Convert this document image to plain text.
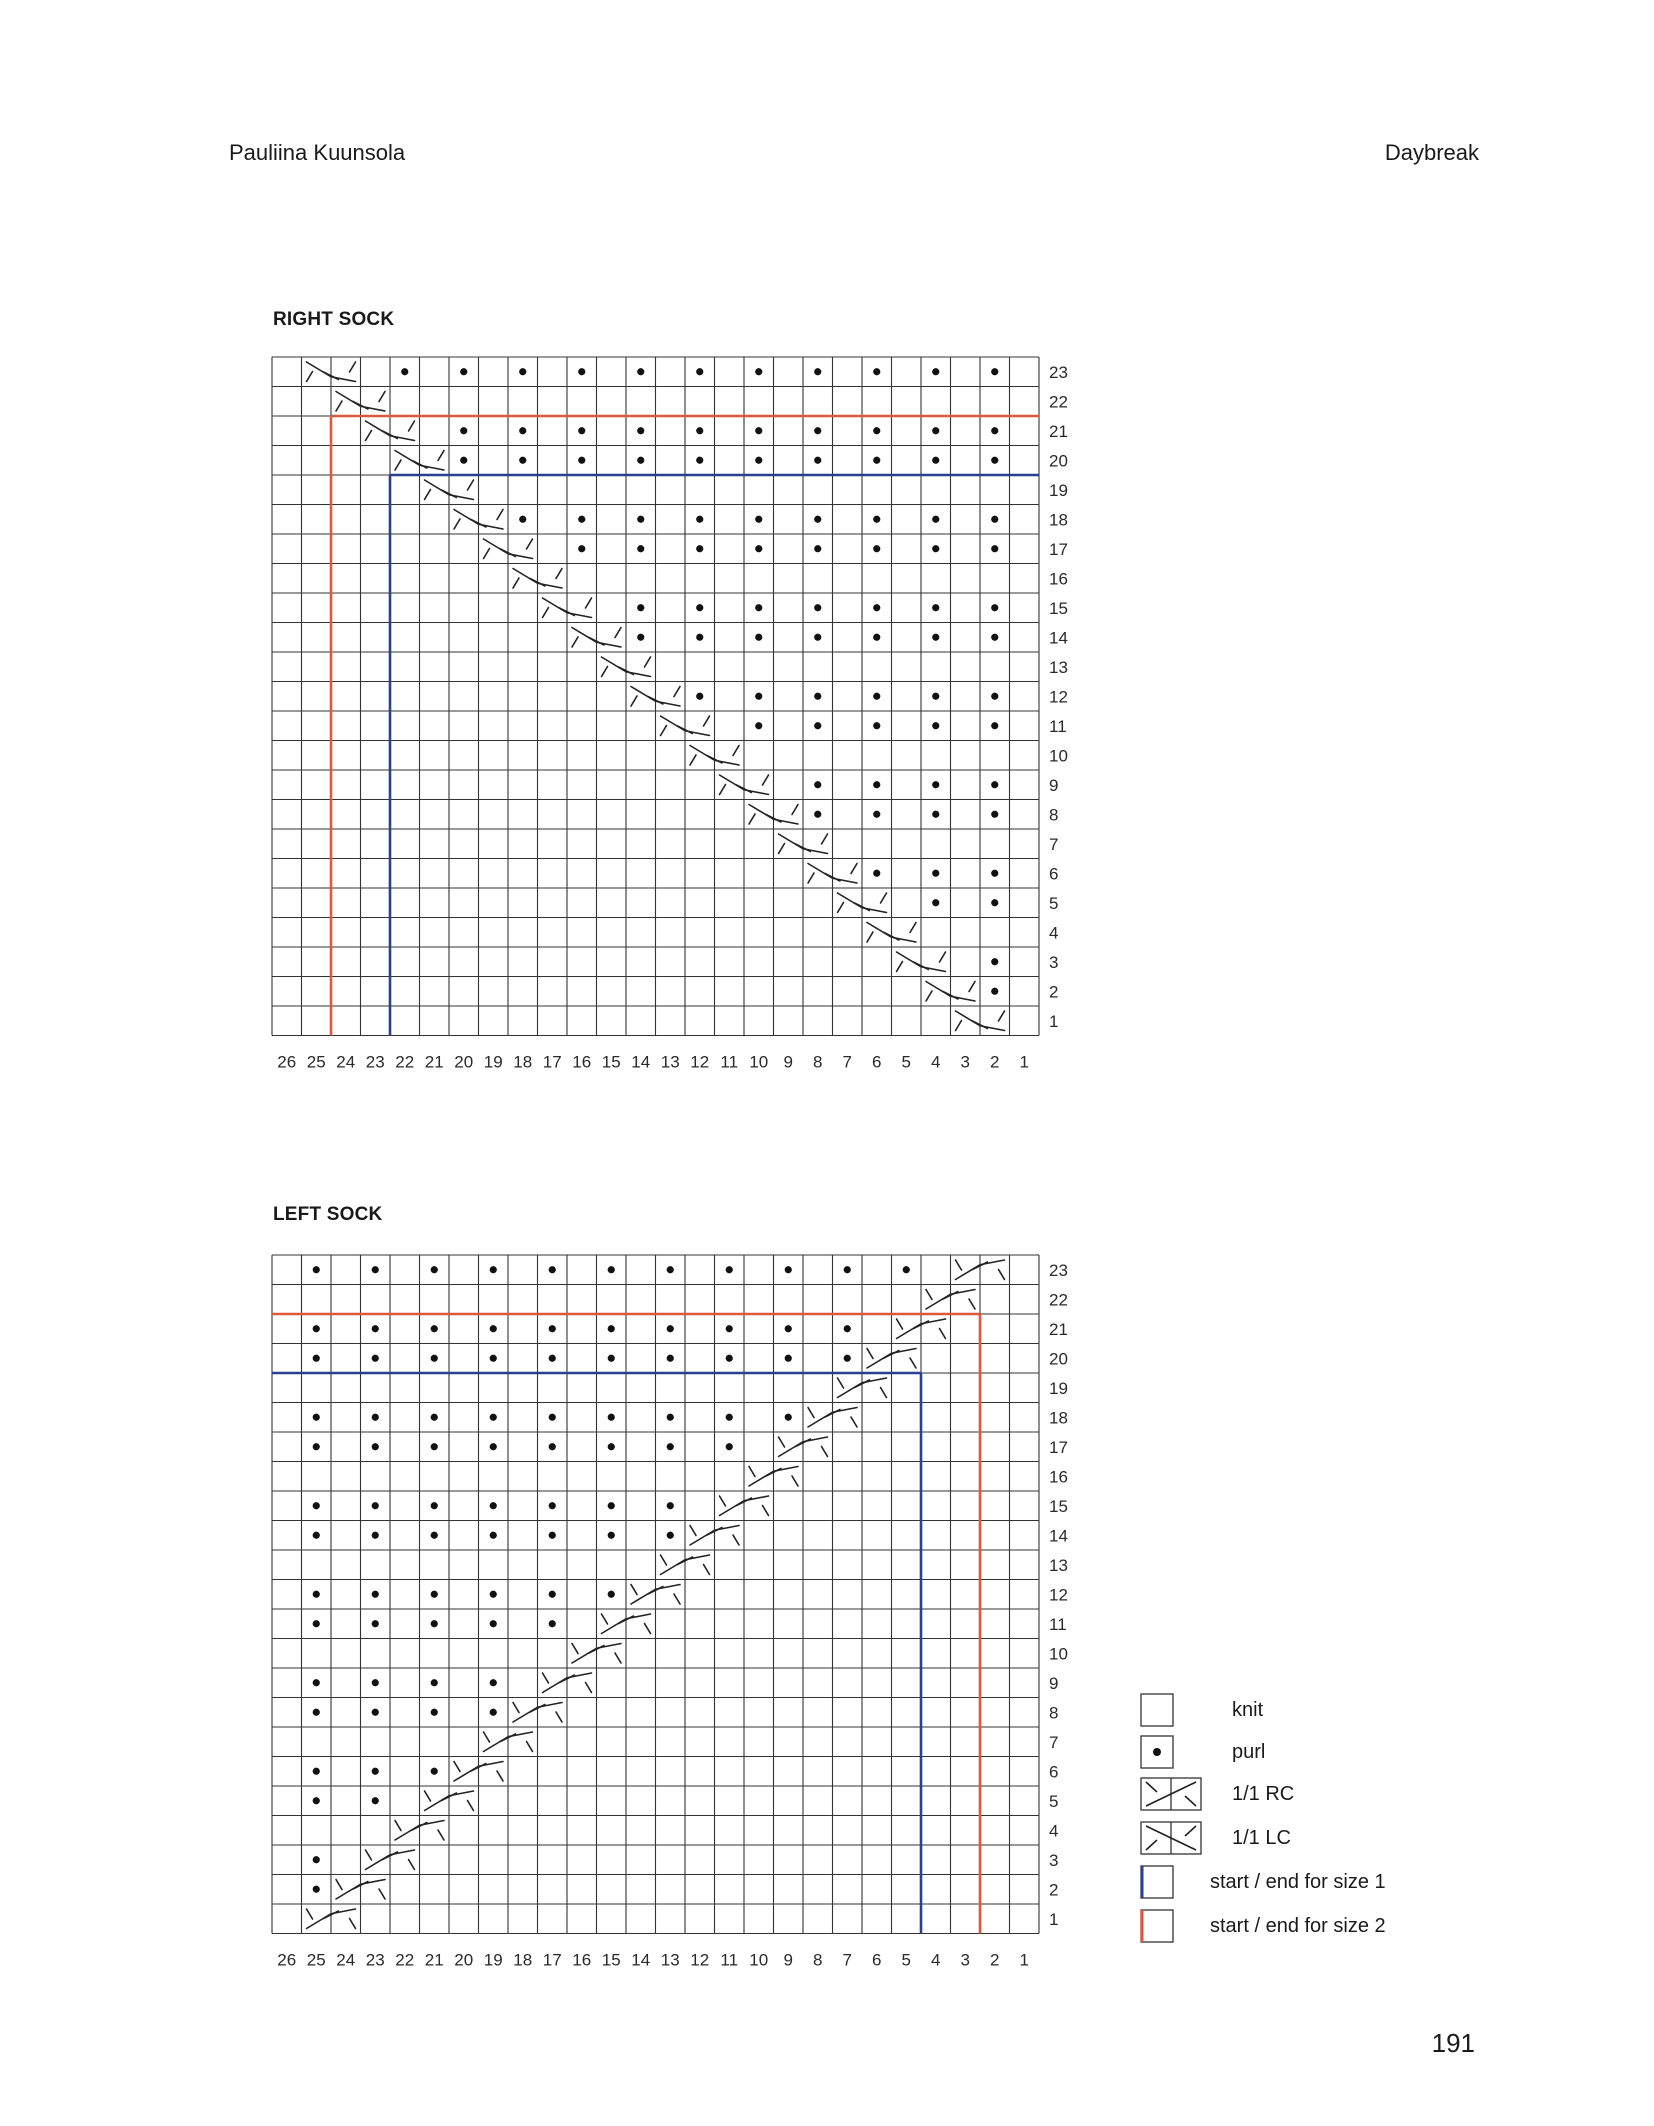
Pauliina Kuunsola	Daybreak
RIGHT SOCK
23
22
21
20
19
18
17
16
15
14
13
12
11
10
9
8
7
6
5
4
3
2
1
26 25 24 23 22 21 20 19 18 17 16 15 14 13 12 11 10 9 8 7 6 5 4 3 2 1
LEFT SOCK
23
22
21
20
19
18
17
16
15
14
13
12
11
10
9
8
7
6
5
4
3
2
1
26 25 24 23 22 21 20 19 18 17 16 15 14 13 12 11 10 9 8 7 6 5 4 3 2 1
knit
purl
1/1 RC
1/1 LC
start / end for size 1
start / end for size 2
191
